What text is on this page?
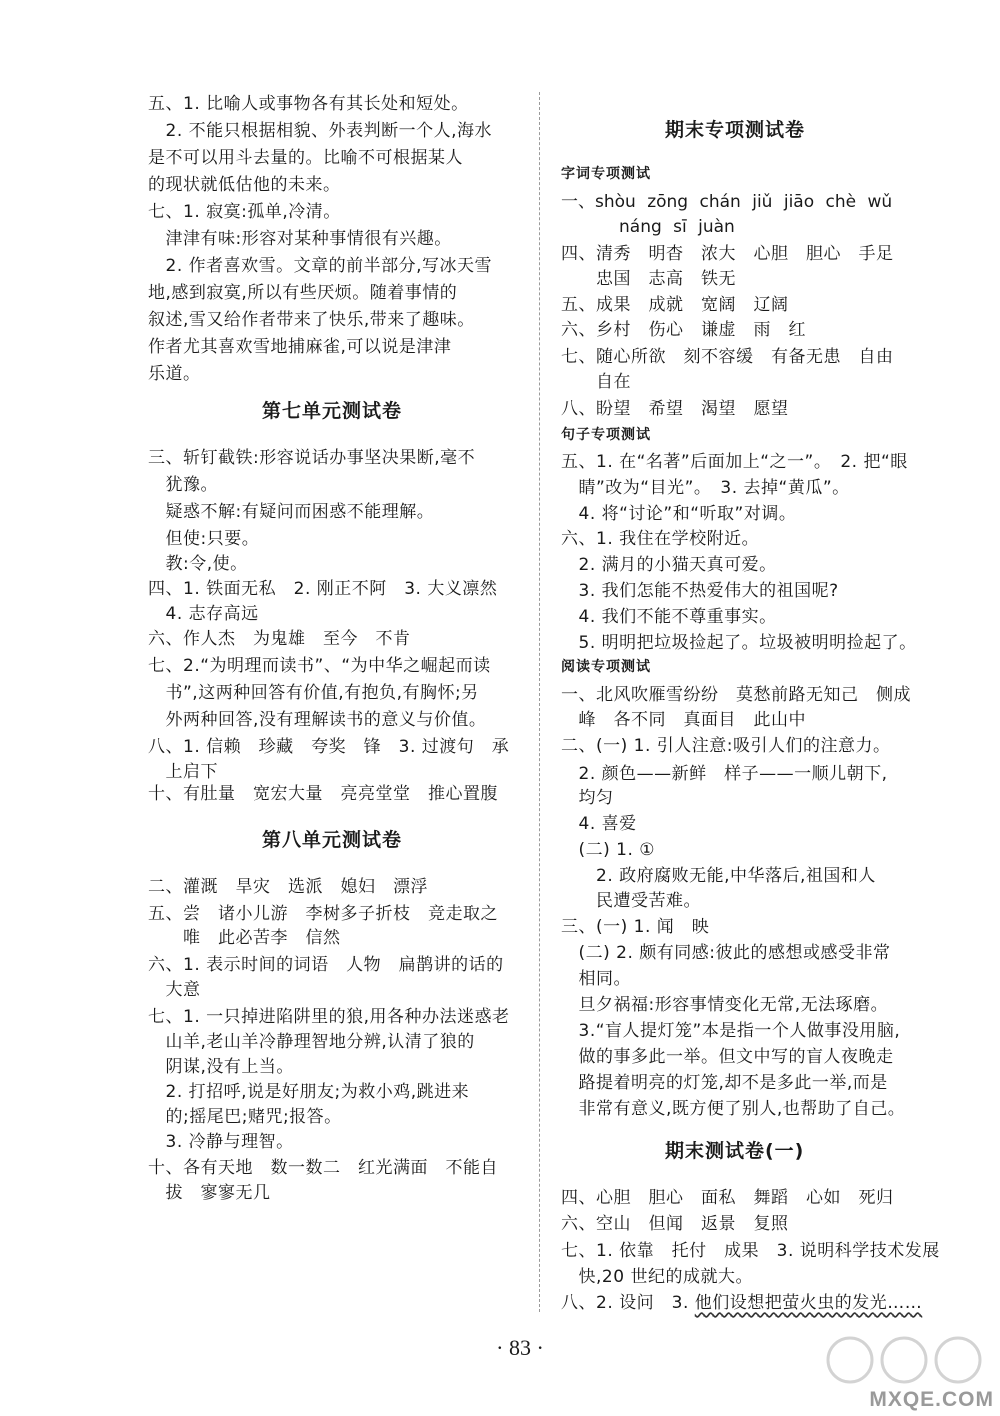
五、1. 比喻人或事物各有其长处和短处。
　2. 不能只根据相貌、外表判断一个人,海水
是不可以用斗去量的。比喻不可根据某人
的现状就低估他的未来。
七、1. 寂寞:孤单,冷清。
　津津有味:形容对某种事情很有兴趣。
　2. 作者喜欢雪。文章的前半部分,写冰天雪
地,感到寂寞,所以有些厌烦。随着事情的
叙述,雪又给作者带来了快乐,带来了趣味。
作者尤其喜欢雪地捕麻雀,可以说是津津
乐道。
第七单元测试卷
三、斩钉截铁:形容说话办事坚决果断,毫不
　犹豫。
　疑惑不解:有疑问而困惑不能理解。
　但使:只要。
　教:令,使。
四、1. 铁面无私　2. 刚正不阿　3. 大义凛然
　4. 志存高远
六、作人杰　为鬼雄　至今　不肯
七、2.“为明理而读书”、“为中华之崛起而读
　书”,这两种回答有价值,有抱负,有胸怀;另
　外两种回答,没有理解读书的意义与价值。
八、1. 信赖　珍藏　夸奖　锋　3. 过渡句　承
　上启下
十、有肚量　宽宏大量　亮亮堂堂　推心置腹
第八单元测试卷
二、灌溉　旱灾　选派　媳妇　漂浮
五、尝　诸小儿游　李树多子折枝　竞走取之
　　唯　此必苦李　信然
六、1. 表示时间的词语　人物　扁鹊讲的话的
　大意
七、1. 一只掉进陷阱里的狼,用各种办法迷惑老
　山羊,老山羊冷静理智地分辨,认清了狼的
　阴谋,没有上当。
　2. 打招呼,说是好朋友;为救小鸡,跳进来
　的;摇尾巴;赌咒;报答。
　3. 冷静与理智。
十、各有天地　数一数二　红光满面　不能自
　拔　寥寥无几
期末专项测试卷
字词专项测试
一、shòu zōng chán jiǔ jiāo chè wǔ
náng sī juàn
四、清秀　明杳　浓大　心胆　胆心　手足
　　忠国　志高　铁无
五、成果　成就　宽阔　辽阔
六、乡村　伤心　谦虚　雨　红
七、随心所欲　刻不容缓　有备无患　自由
　　自在
八、盼望　希望　渴望　愿望
句子专项测试
五、1. 在“名著”后面加上“之一”。　2. 把“眼
　睛”改为“目光”。　3. 去掉“黄瓜”。
　4. 将“讨论”和“听取”对调。
六、1. 我住在学校附近。
　2. 满月的小猫天真可爱。
　3. 我们怎能不热爱伟大的祖国呢?
　4. 我们不能不尊重事实。
　5. 明明把垃圾捡起了。垃圾被明明捡起了。
阅读专项测试
一、北风吹雁雪纷纷　莫愁前路无知己　侧成
　峰　各不同　真面目　此山中
二、(一) 1. 引人注意:吸引人们的注意力。
　2. 颜色——新鲜　样子——一顺儿朝下,
　均匀
　4. 喜爱
　(二) 1. ①
　　2. 政府腐败无能,中华落后,祖国和人
　　民遭受苦难。
三、(一) 1. 闻　映
　(二) 2. 颇有同感:彼此的感想或感受非常
　相同。
　旦夕祸福:形容事情变化无常,无法琢磨。
　3.“盲人提灯笼”本是指一个人做事没用脑,
　做的事多此一举。但文中写的盲人夜晚走
　路提着明亮的灯笼,却不是多此一举,而是
　非常有意义,既方便了别人,也帮助了自己。
期末测试卷(一)
四、心胆　胆心　面私　舞蹈　心如　死归
六、空山　但闻　返景　复照
七、1. 依靠　托付　成果　3. 说明科学技术发展
　快,20 世纪的成就大。
八、2. 设问　3. 他们设想把萤火虫的发光……
· 83 ·
MXQE.COM
